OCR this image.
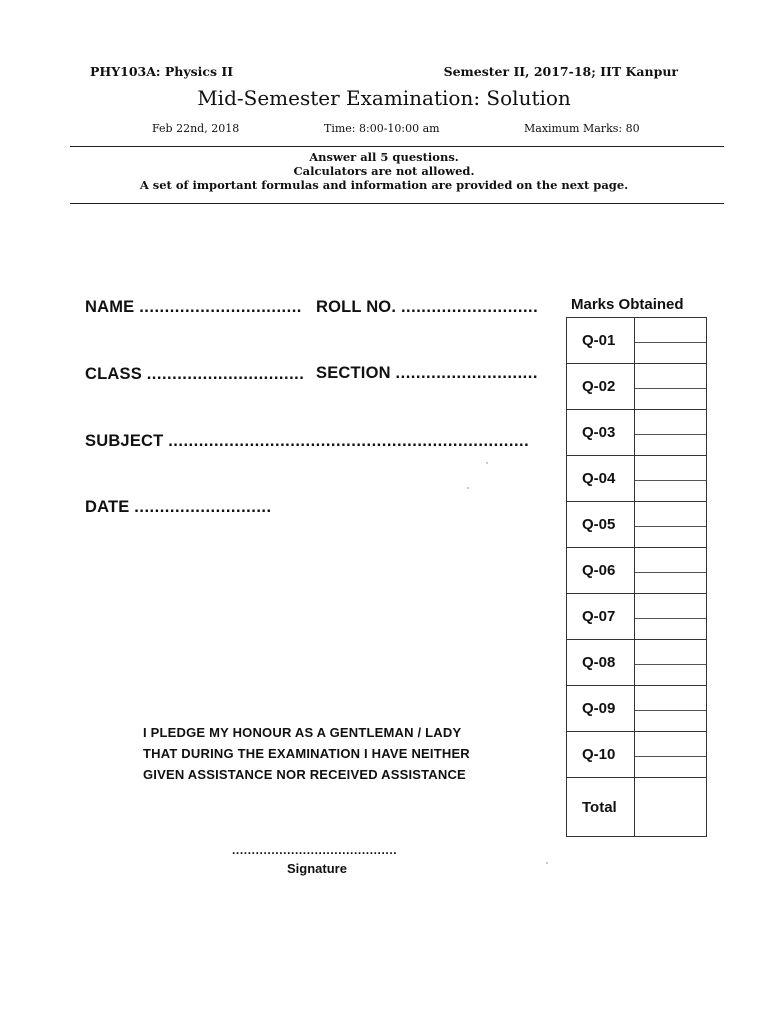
PHY103A: Physics II	Semester II, 2017-18; IIT Kanpur
Mid-Semester Examination: Solution
Feb 22nd, 2018	Time: 8:00-10:00 am	Maximum Marks: 80
Answer all 5 questions.
Calculators are not allowed.
A set of important formulas and information are provided on the next page.
NAME ................................ ROLL NO. ...........................
CLASS ............................... SECTION ............................
SUBJECT .......................................................................
DATE ...........................
Marks Obtained
Q-01	

Q-02	

Q-03	

Q-04	

Q-05	

Q-06	

Q-07	

Q-08	

Q-09	

Q-10	

Total	
I PLEDGE MY HONOUR AS A GENTLEMAN / LADY
THAT DURING THE EXAMINATION I HAVE NEITHER
GIVEN ASSISTANCE NOR RECEIVED ASSISTANCE
..........................................
Signature
